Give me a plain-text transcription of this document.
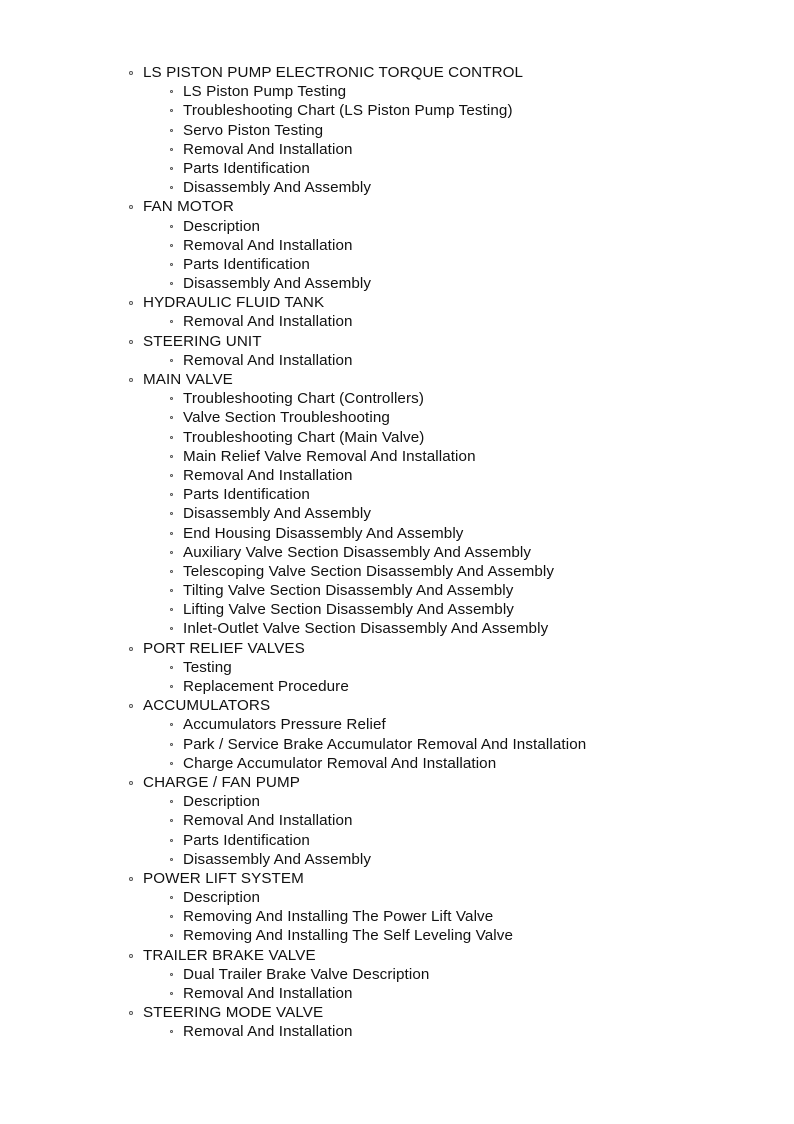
LS PISTON PUMP ELECTRONIC TORQUE CONTROL
LS Piston Pump Testing
Troubleshooting Chart (LS Piston Pump Testing)
Servo Piston Testing
Removal And Installation
Parts Identification
Disassembly And Assembly
FAN MOTOR
Description
Removal And Installation
Parts Identification
Disassembly And Assembly
HYDRAULIC FLUID TANK
Removal And Installation
STEERING UNIT
Removal And Installation
MAIN VALVE
Troubleshooting Chart (Controllers)
Valve Section Troubleshooting
Troubleshooting Chart (Main Valve)
Main Relief Valve Removal And Installation
Removal And Installation
Parts Identification
Disassembly And Assembly
End Housing Disassembly And Assembly
Auxiliary Valve Section Disassembly And Assembly
Telescoping Valve Section Disassembly And Assembly
Tilting Valve Section Disassembly And Assembly
Lifting Valve Section Disassembly And Assembly
Inlet-Outlet Valve Section Disassembly And Assembly
PORT RELIEF VALVES
Testing
Replacement Procedure
ACCUMULATORS
Accumulators Pressure Relief
Park / Service Brake Accumulator Removal And Installation
Charge Accumulator Removal And Installation
CHARGE / FAN PUMP
Description
Removal And Installation
Parts Identification
Disassembly And Assembly
POWER LIFT SYSTEM
Description
Removing And Installing The Power Lift Valve
Removing And Installing The Self Leveling Valve
TRAILER BRAKE VALVE
Dual Trailer Brake Valve Description
Removal And Installation
STEERING MODE VALVE
Removal And Installation
